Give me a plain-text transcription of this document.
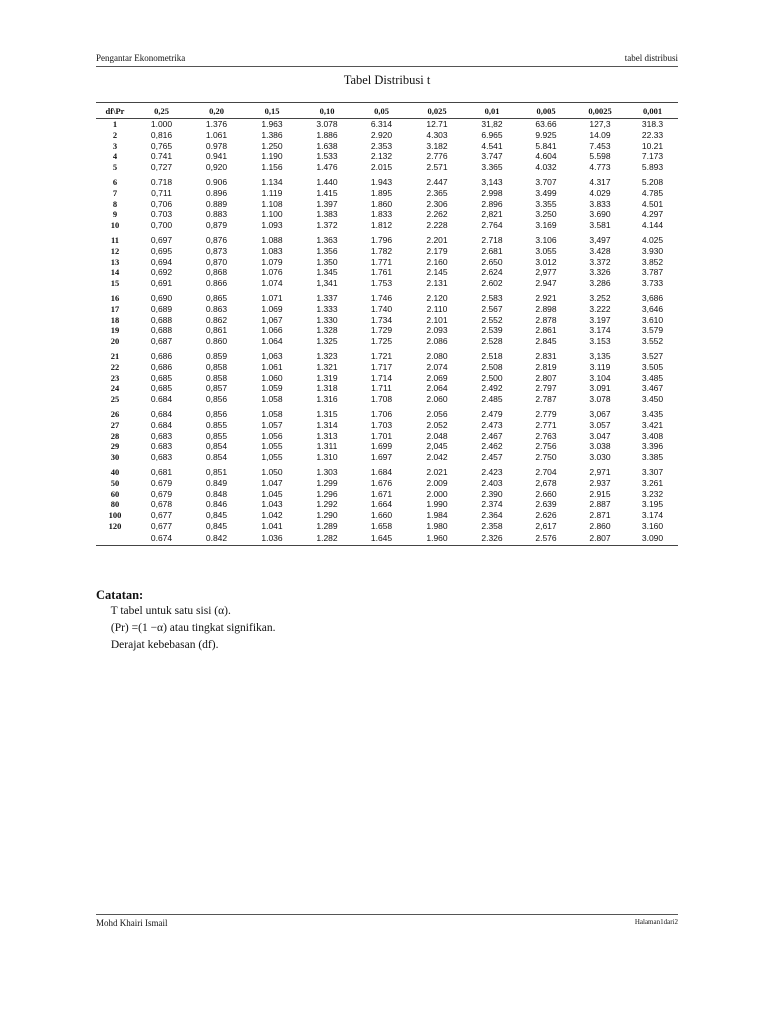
Pengantar Ekonometrika	tabel distribusi
Tabel Distribusi t
df\Pr	0,25	0,20	0,15	0,10	0,05	0,025	0,01	0,005	0,0025	0,001
1	1.000	1.376	1.963	3.078	6.314	12.71	31,82	63.66	127,3	318.3
2	0,816	1.061	1.386	1.886	2.920	4.303	6.965	9.925	14.09	22.33
3	0,765	0.978	1.250	1.638	2.353	3.182	4.541	5.841	7.453	10.21
4	0.741	0.941	1.190	1.533	2.132	2.776	3.747	4.604	5.598	7.173
5	0,727	0,920	1.156	1.476	2.015	2.571	3.365	4.032	4.773	5.893
6	0.718	0.906	1.134	1.440	1.943	2.447	3,143	3.707	4.317	5.208
7	0,711	0.896	1.119	1.415	1.895	2.365	2.998	3.499	4.029	4.785
8	0,706	0.889	1.108	1.397	1.860	2.306	2.896	3.355	3.833	4.501
9	0.703	0.883	1.100	1.383	1.833	2.262	2,821	3.250	3.690	4.297
10	0,700	0,879	1.093	1.372	1.812	2.228	2.764	3.169	3.581	4.144
11	0,697	0,876	1.088	1.363	1.796	2.201	2.718	3.106	3,497	4.025
12	0,695	0,873	1.083	1.356	1.782	2.179	2.681	3.055	3.428	3.930
13	0,694	0,870	1.079	1.350	1.771	2.160	2.650	3.012	3.372	3.852
14	0,692	0,868	1.076	1.345	1.761	2.145	2.624	2,977	3.326	3.787
15	0,691	0.866	1.074	1,341	1.753	2.131	2.602	2.947	3.286	3.733
16	0,690	0,865	1.071	1.337	1.746	2.120	2.583	2.921	3.252	3,686
17	0,689	0.863	1.069	1.333	1.740	2.110	2.567	2.898	3.222	3,646
18	0,688	0.862	1,067	1.330	1.734	2.101	2.552	2.878	3.197	3.610
19	0,688	0,861	1.066	1.328	1.729	2.093	2.539	2.861	3.174	3.579
20	0,687	0.860	1.064	1.325	1.725	2.086	2.528	2.845	3.153	3.552
21	0,686	0.859	1,063	1.323	1.721	2.080	2.518	2.831	3,135	3.527
22	0,686	0,858	1.061	1.321	1.717	2.074	2.508	2.819	3.119	3.505
23	0,685	0.858	1.060	1.319	1.714	2.069	2.500	2.807	3.104	3.485
24	0,685	0,857	1.059	1.318	1.711	2.064	2.492	2.797	3.091	3.467
25	0.684	0,856	1.058	1.316	1.708	2.060	2.485	2.787	3.078	3.450
26	0,684	0,856	1.058	1.315	1.706	2.056	2.479	2.779	3,067	3.435
27	0.684	0.855	1.057	1.314	1.703	2.052	2.473	2.771	3.057	3.421
28	0,683	0,855	1.056	1.313	1.701	2.048	2.467	2.763	3.047	3.408
29	0.683	0,854	1.055	1.311	1.699	2,045	2.462	2.756	3.038	3.396
30	0,683	0.854	1,055	1.310	1.697	2.042	2.457	2.750	3.030	3.385
40	0,681	0,851	1.050	1.303	1.684	2.021	2.423	2.704	2,971	3.307
50	0.679	0.849	1.047	1.299	1.676	2.009	2.403	2,678	2.937	3.261
60	0,679	0.848	1.045	1.296	1.671	2.000	2.390	2.660	2.915	3.232
80	0,678	0.846	1.043	1.292	1.664	1.990	2.374	2.639	2.887	3.195
100	0,677	0,845	1.042	1.290	1.660	1.984	2.364	2.626	2.871	3.174
120	0,677	0,845	1.041	1.289	1.658	1.980	2.358	2,617	2.860	3.160
	0.674	0.842	1.036	1.282	1.645	1.960	2.326	2.576	2.807	3.090
Catatan:
T tabel untuk satu sisi (α).
(Pr) =(1 −α) atau tingkat signifikan.
Derajat kebebasan (df).
Mohd Khairi Ismail	Halaman1dari2
